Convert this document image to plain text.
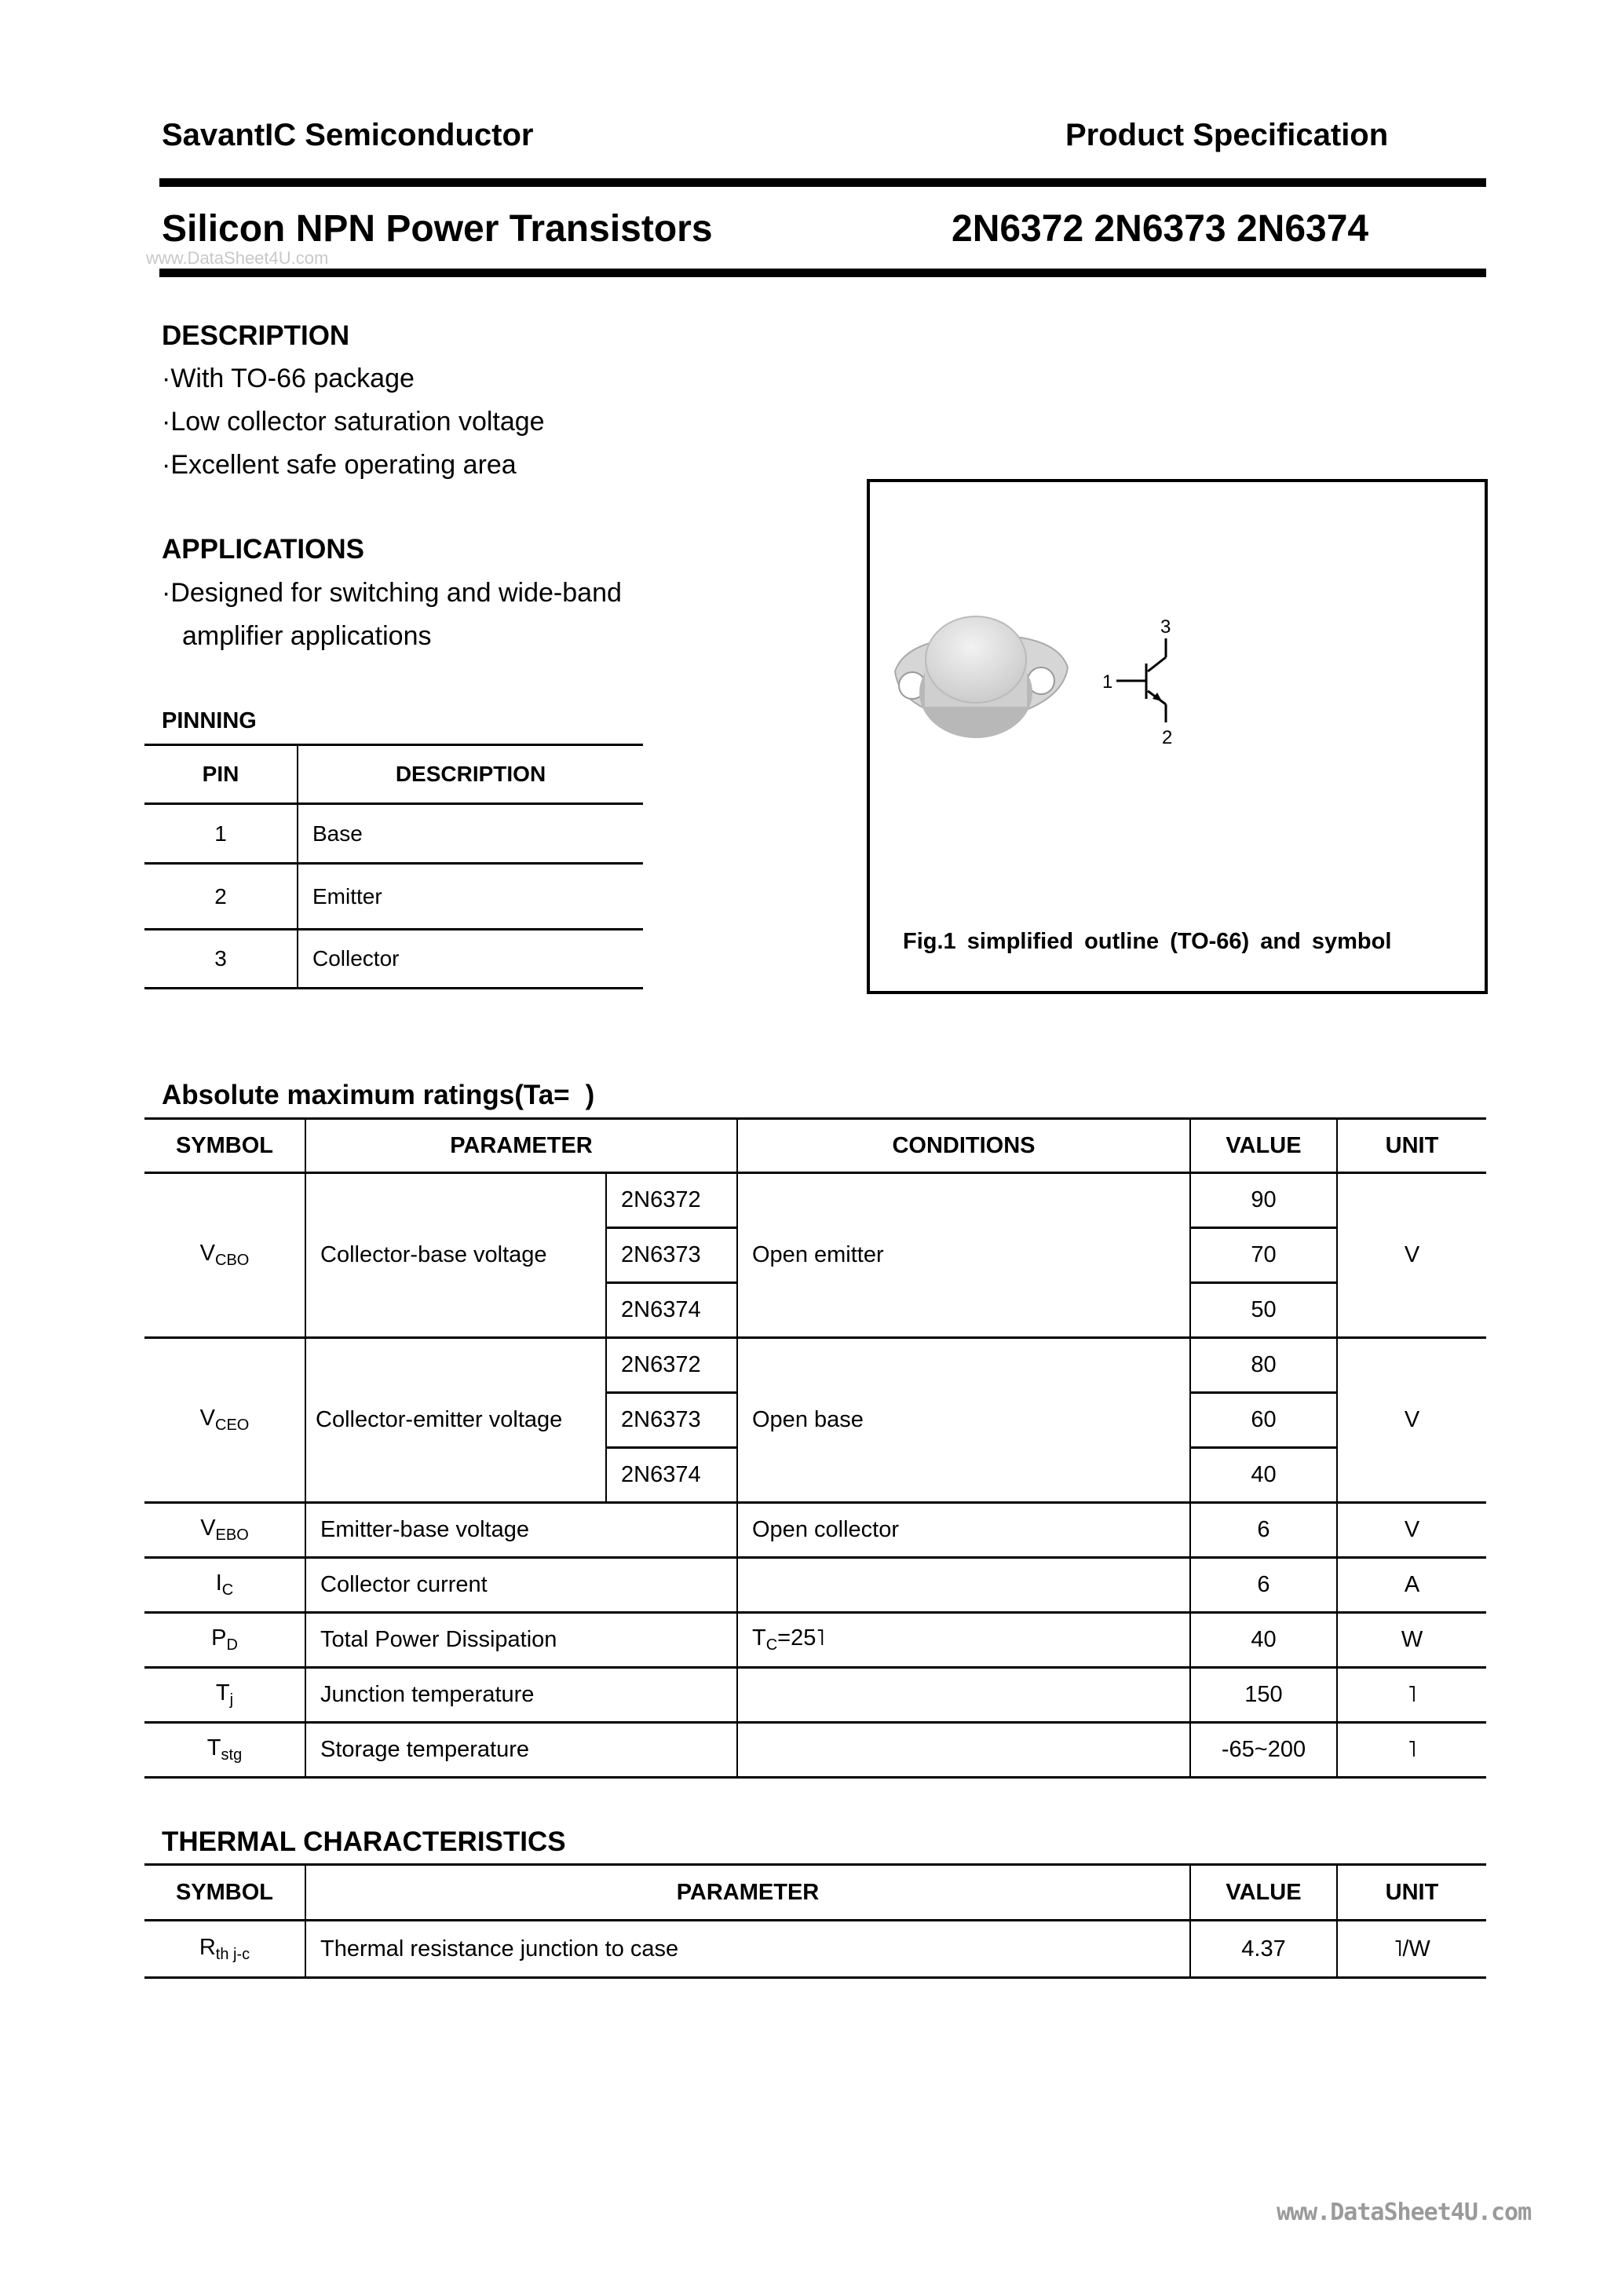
SavantIC Semiconductor	Product Specification
Silicon NPN Power Transistors
www.DataSheet4U.com
2N6372 2N6373 2N6374
DESCRIPTION
·With TO-66 package
·Low collector saturation voltage
·Excellent safe operating area
APPLICATIONS
·Designed for switching and wide-band
amplifier applications
PINNING
PIN	DESCRIPTION
1	Base
2	Emitter
3	Collector
1
2
3
Fig.1 simplified outline (TO-66) and symbol
Absolute maximum ratings(Ta= )
SYMBOL	PARAMETER		CONDITIONS	VALUE	UNIT
$V_{CBO}$	Collector-base voltage	2N6372	Open emitter	90	V
		2N6373		70	
		2N6374		50	
$V_{CEO}$	Collector-emitter voltage	2N6372	Open base	80	V
		2N6373		60	
		2N6374		40	
$V_{EBO}$	Emitter-base voltage		Open collector	6	V
$I_C$	Collector current			6	A
$P_D$	Total Power Dissipation		$T_C=25˥$	40	W
$T_j$	Junction temperature			150	˥
$T_{stg}$	Storage temperature			-65~200	˥
THERMAL CHARACTERISTICS
SYMBOL	PARAMETER	VALUE	UNIT
$R_{th j-c}$	Thermal resistance junction to case	4.37	˥/W
www.DataSheet4U.com
